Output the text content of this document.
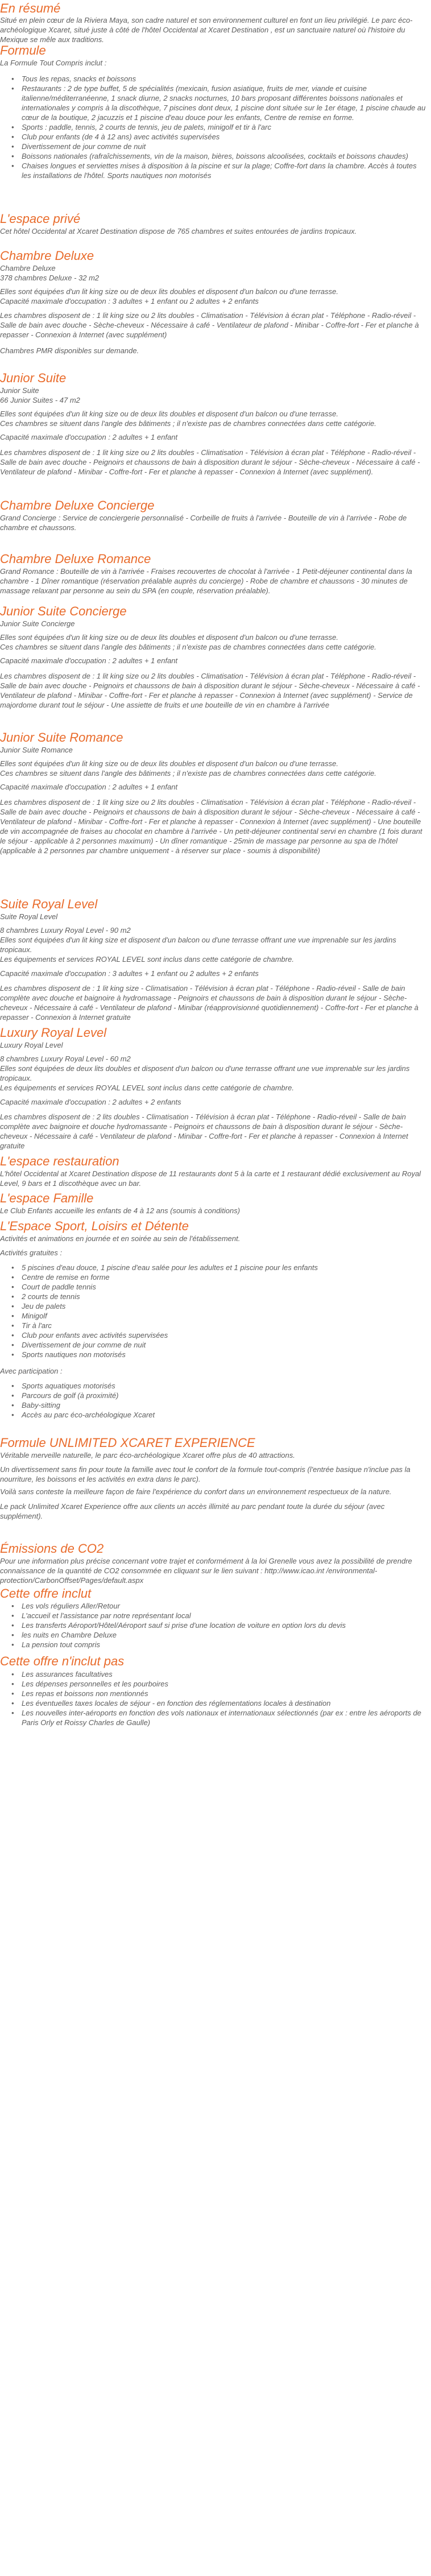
En résumé
Situé en plein cœur de la Riviera Maya, son cadre naturel et son environnement culturel en font un lieu privilégié. Le parc éco-archéologique Xcaret, situé juste à côté de l'hôtel Occidental at Xcaret Destination , est un sanctuaire naturel où l'histoire du Mexique se mêle aux traditions.
Formule
La Formule Tout Compris inclut :
• Tous les repas, snacks et boissons
• Restaurants : 2 de type buffet, 5 de spécialités (mexicain, fusion asiatique, fruits de mer, viande et cuisine italienne/méditerranéenne, 1 snack diurne, 2 snacks nocturnes, 10 bars proposant différentes boissons nationales et internationales y compris à la discothèque, 7 piscines dont deux, 1 piscine dont située sur le 1er étage, 1 piscine chaude au cœur de la boutique, 2 jacuzzis et 1 piscine d'eau douce pour les enfants, Centre de remise en forme.
• Sports : paddle, tennis, 2 courts de tennis, jeu de palets, minigolf et tir à l'arc
• Club pour enfants (de 4 à 12 ans) avec activités supervisées
• Divertissement de jour comme de nuit
• Boissons nationales (rafraîchissements, vin de la maison, bières, boissons alcoolisées, cocktails et boissons chaudes)
• Chaises longues et serviettes mises à disposition à la piscine et sur la plage; Coffre-fort dans la chambre. Accès à toutes les installations de l'hôtel. Sports nautiques non motorisés
L'espace privé
Cet hôtel Occidental at Xcaret Destination dispose de 765 chambres et suites entourées de jardins tropicaux.
Chambre Deluxe
Chambre Deluxe
378 chambres Deluxe - 32 m2
Elles sont équipées d'un lit king size ou de deux lits doubles et disposent d'un balcon ou d'une terrasse.
Capacité maximale d'occupation : 3 adultes + 1 enfant ou 2 adultes + 2 enfants
Les chambres disposent de : 1 lit king size ou 2 lits doubles - Climatisation - Télévision à écran plat - Téléphone - Radio-réveil - Salle de bain avec douche - Sèche-cheveux - Nécessaire à café - Ventilateur de plafond - Minibar - Coffre-fort - Fer et planche à repasser - Connexion à Internet (avec supplément)
Chambres PMR disponibles sur demande.
Junior Suite
Junior Suite
66 Junior Suites - 47 m2
Elles sont équipées d'un lit king size ou de deux lits doubles et disposent d'un balcon ou d'une terrasse.
Ces chambres se situent dans l'angle des bâtiments ; il n'existe pas de chambres connectées dans cette catégorie.
Capacité maximale d'occupation : 2 adultes + 1 enfant
Les chambres disposent de : 1 lit king size ou 2 lits doubles - Climatisation - Télévision à écran plat - Téléphone - Radio-réveil - Salle de bain avec douche - Peignoirs et chaussons de bain à disposition durant le séjour - Sèche-cheveux - Nécessaire à café - Ventilateur de plafond - Minibar - Coffre-fort - Fer et planche à repasser - Connexion à Internet (avec supplément).
Chambre Deluxe Concierge
Grand Concierge : Service de conciergerie personnalisé - Corbeille de fruits à l'arrivée - Bouteille de vin à l'arrivée - Robe de chambre et chaussons.
Chambre Deluxe Romance
Grand Romance : Bouteille de vin à l'arrivée - Fraises recouvertes de chocolat à l'arrivée - 1 Petit-déjeuner continental dans la chambre - 1 Dîner romantique (réservation préalable auprès du concierge) - Robe de chambre et chaussons - 30 minutes de massage relaxant par personne au sein du SPA (en couple, réservation préalable).
Junior Suite Concierge
Junior Suite Concierge
Elles sont équipées d'un lit king size ou de deux lits doubles et disposent d'un balcon ou d'une terrasse.
Ces chambres se situent dans l'angle des bâtiments ; il n'existe pas de chambres connectées dans cette catégorie.
Capacité maximale d'occupation : 2 adultes + 1 enfant
Les chambres disposent de : 1 lit king size ou 2 lits doubles - Climatisation - Télévision à écran plat - Téléphone - Radio-réveil - Salle de bain avec douche - Peignoirs et chaussons de bain à disposition durant le séjour - Sèche-cheveux - Nécessaire à café - Ventilateur de plafond - Minibar - Coffre-fort - Fer et planche à repasser - Connexion à Internet (avec supplément) - Service de majordome durant tout le séjour - Une assiette de fruits et une bouteille de vin en chambre à l'arrivée
Junior Suite Romance
Junior Suite Romance
Elles sont équipées d'un lit king size ou de deux lits doubles et disposent d'un balcon ou d'une terrasse.
Ces chambres se situent dans l'angle des bâtiments ; il n'existe pas de chambres connectées dans cette catégorie.
Capacité maximale d'occupation : 2 adultes + 1 enfant
Les chambres disposent de : 1 lit king size ou 2 lits doubles - Climatisation - Télévision à écran plat - Téléphone - Radio-réveil - Salle de bain avec douche - Peignoirs et chaussons de bain à disposition durant le séjour - Sèche-cheveux - Nécessaire à café - Ventilateur de plafond - Minibar - Coffre-fort - Fer et planche à repasser - Connexion à Internet (avec supplément) - Une bouteille de vin accompagnée de fraises au chocolat en chambre à l'arrivée - Un petit-déjeuner continental servi en chambre (1 fois durant le séjour - applicable à 2 personnes maximum) - Un dîner romantique - 25min de massage par personne au spa de l'hôtel (applicable à 2 personnes par chambre uniquement - à réserver sur place - soumis à disponibilité)
Suite Royal Level
Suite Royal Level
8 chambres Luxury Royal Level - 90 m2
Elles sont équipées d'un lit king size et disposent d'un balcon ou d'une terrasse offrant une vue imprenable sur les jardins tropicaux.
Les équipements et services ROYAL LEVEL sont inclus dans cette catégorie de chambre.
Capacité maximale d'occupation : 3 adultes + 1 enfant ou 2 adultes + 2 enfants
Les chambres disposent de : 1 lit king size - Climatisation - Télévision à écran plat - Téléphone - Radio-réveil - Salle de bain complète avec douche et baignoire à hydromassage - Peignoirs et chaussons de bain à disposition durant le séjour - Sèche-cheveux - Nécessaire à café - Ventilateur de plafond - Minibar (réapprovisionné quotidiennement) - Coffre-fort - Fer et planche à repasser - Connexion à Internet gratuite
Luxury Royal Level
Luxury Royal Level
8 chambres Luxury Royal Level - 60 m2
Elles sont équipées de deux lits doubles et disposent d'un balcon ou d'une terrasse offrant une vue imprenable sur les jardins tropicaux.
Les équipements et services ROYAL LEVEL sont inclus dans cette catégorie de chambre.
Capacité maximale d'occupation : 2 adultes + 2 enfants
Les chambres disposent de : 2 lits doubles - Climatisation - Télévision à écran plat - Téléphone - Radio-réveil - Salle de bain complète avec baignoire et douche hydromassante - Peignoirs et chaussons de bain à disposition durant le séjour - Sèche-cheveux - Nécessaire à café - Ventilateur de plafond - Minibar - Coffre-fort - Fer et planche à repasser - Connexion à Internet gratuite
L'espace restauration
L'hôtel Occidental at Xcaret Destination dispose de 11 restaurants dont 5 à la carte et 1 restaurant dédié exclusivement au Royal Level, 9 bars et 1 discothèque avec un bar.
L'espace Famille
Le Club Enfants accueille les enfants de 4 à 12 ans (soumis à conditions)
L'Espace Sport, Loisirs et Détente
Activités et animations en journée et en soirée au sein de l'établissement.
Activités gratuites :
• 5 piscines d'eau douce, 1 piscine d'eau salée pour les adultes et 1 piscine pour les enfants
• Centre de remise en forme
• Court de paddle tennis
• 2 courts de tennis
• Jeu de palets
• Minigolf
• Tir à l'arc
• Club pour enfants avec activités supervisées
• Divertissement de jour comme de nuit
• Sports nautiques non motorisés
Avec participation :
• Sports aquatiques motorisés
• Parcours de golf (à proximité)
• Baby-sitting
• Accès au parc éco-archéologique Xcaret
Formule UNLIMITED XCARET EXPERIENCE
Véritable merveille naturelle, le parc éco-archéologique Xcaret offre plus de 40 attractions.
Un divertissement sans fin pour toute la famille avec tout le confort de la formule tout-compris (l'entrée basique n'inclue pas la nourriture, les boissons et les activités en extra dans le parc).
Voilà sans conteste la meilleure façon de faire l'expérience du confort dans un environnement respectueux de la nature.
Le pack Unlimited Xcaret Experience offre aux clients un accès illimité au parc pendant toute la durée du séjour (avec supplément).
Émissions de CO2
Pour une information plus précise concernant votre trajet et conformément à la loi Grenelle vous avez la possibilité de prendre connaissance de la quantité de CO2 consommée en cliquant sur le lien suivant : http://www.icao.int /environmental-protection/CarbonOffset/Pages/default.aspx
Cette offre inclut
• Les vols réguliers Aller/Retour
• L'accueil et l'assistance par notre représentant local
• Les transferts Aéroport/Hôtel/Aéroport sauf si prise d'une location de voiture en option lors du devis
• les nuits en Chambre Deluxe
• La pension tout compris
Cette offre n'inclut pas
• Les assurances facultatives
• Les dépenses personnelles et les pourboires
• Les repas et boissons non mentionnés
• Les éventuelles taxes locales de séjour - en fonction des réglementations locales à destination
• Les nouvelles inter-aéroports en fonction des vols nationaux et internationaux sélectionnés (par ex : entre les aéroports de Paris Orly et Roissy Charles de Gaulle)
